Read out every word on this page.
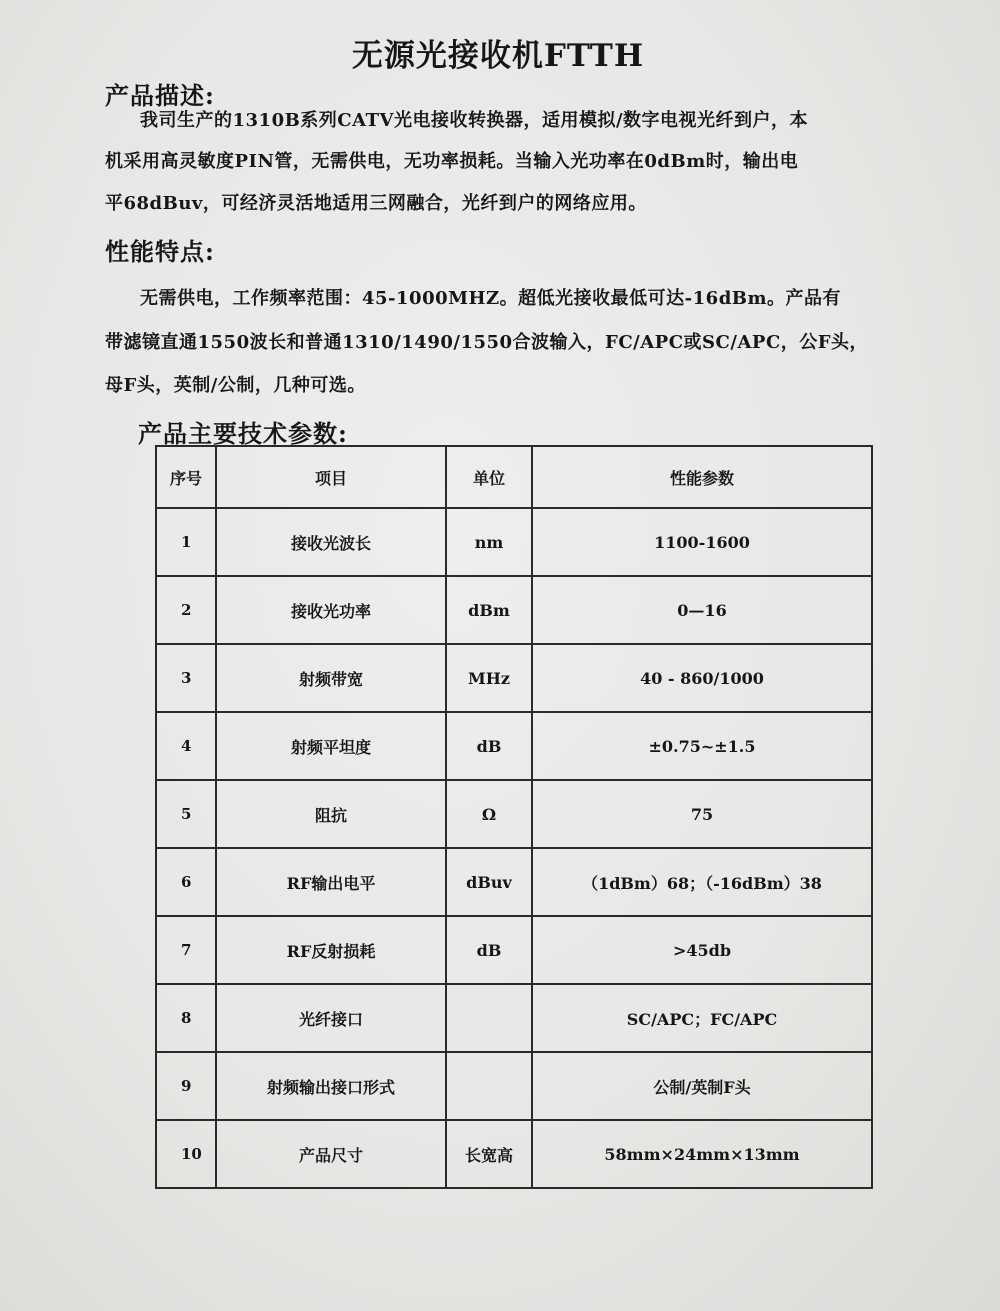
无源光接收机FTTH
产品描述:
我司生产的1310B系列CATV光电接收转换器，适用模拟/数字电视光纤到户，本
机采用高灵敏度PIN管，无需供电，无功率损耗。当输入光功率在0dBm时，输出电
平68dBuv，可经济灵活地适用三网融合，光纤到户的网络应用。
性能特点:
无需供电，工作频率范围：45-1000MHZ。超低光接收最低可达-16dBm。产品有
带滤镜直通1550波长和普通1310/1490/1550合波输入，FC/APC或SC/APC，公F头，
母F头，英制/公制，几种可选。
产品主要技术参数:
序号	项目	单位	性能参数
1	接收光波长	nm	1100-1600
2	接收光功率	dBm	0—16
3	射频带宽	MHz	40 - 860/1000
4	射频平坦度	dB	±0.75~±1.5
5	阻抗	Ω	75
6	RF输出电平	dBuv	（1dBm）68；（-16dBm）38
7	RF反射损耗	dB	>45db
8	光纤接口		SC/APC；FC/APC
9	射频输出接口形式		公制/英制F头
10	产品尺寸	长宽高	58mm×24mm×13mm
